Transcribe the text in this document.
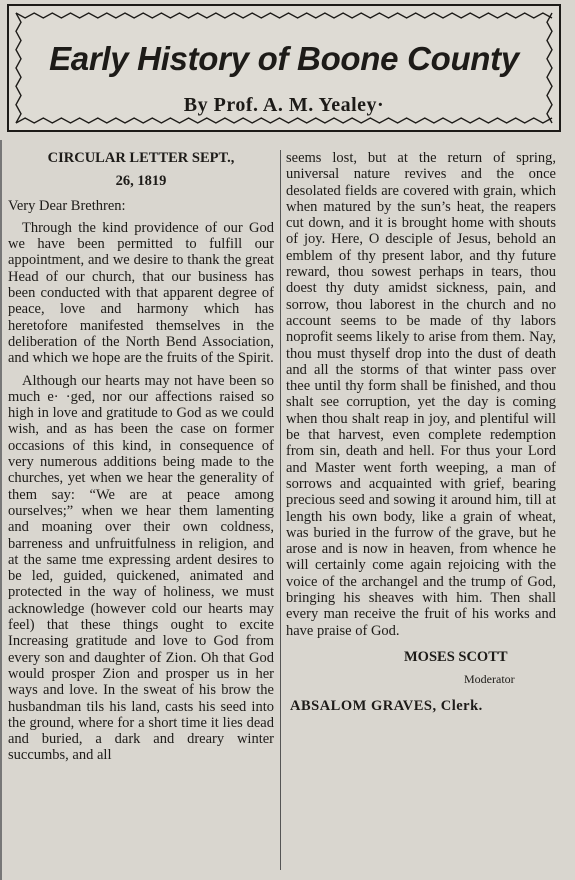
Early History of Boone County
By Prof. A. M. Yealey·
CIRCULAR LETTER SEPT.,
26, 1819
Very Dear Brethren:

Through the kind providence of our God we have been permitted to fulfill our appointment, and we desire to thank the great Head of our church, that our business has been conducted with that apparent degree of peace, love and harmony which has heretofore manifested themselves in the deliberation of the North Bend Association, and which we hope are the fruits of the Spirit.

Although our hearts may not have been so much e· ·ged, nor our affections raised so high in love and gratitude to God as we could wish, and as has been the case on former occasions of this kind, in consequence of very numerous additions being made to the churches, yet when we hear the generality of them say: “We are at peace among ourselves;” when we hear them lamenting and moaning over their own coldness, barreness and unfruitfulness in religion, and at the same tme expressing ardent desires to be led, guided, quickened, animated and protected in the way of holiness, we must acknowledge (however cold our hearts may feel) that these things ought to excite Increasing gratitude and love to God from every son and daughter of Zion. Oh that God would prosper Zion and prosper us in her ways and love. In the sweat of his brow the husbandman tils his land, casts his seed into the ground, where for a short time it lies dead and buried, a dark and dreary winter succumbs, and all

seems lost, but at the return of spring, universal nature revives and the once desolated fields are covered with grain, which when matured by the sun’s heat, the reapers cut down, and it is brought home with shouts of joy. Here, O desciple of Jesus, behold an emblem of thy present labor, and thy future reward, thou sowest perhaps in tears, thou doest thy duty amidst sickness, pain, and sorrow, thou laborest in the church and no account seems to be made of thy labors noprofit seems likely to arise from them. Nay, thou must thyself drop into the dust of death and all the storms of that winter pass over thee until thy form shall be finished, and thou shalt see corruption, yet the day is coming when thou shalt reap in joy, and plentiful will be that harvest, even complete redemption from sin, death and hell. For thus your Lord and Master went forth weeping, a man of sorrows and acquainted with grief, bearing precious seed and sowing it around him, till at length his own body, like a grain of wheat, was buried in the furrow of the grave, but he arose and is now in heaven, from whence he will certainly come again rejoicing with the voice of the archangel and the trump of God, bringing his sheaves with him. Then shall every man receive the fruit of his works and have praise of God.

MOSES SCOTT
Moderator
ABSALOM GRAVES, Clerk.
